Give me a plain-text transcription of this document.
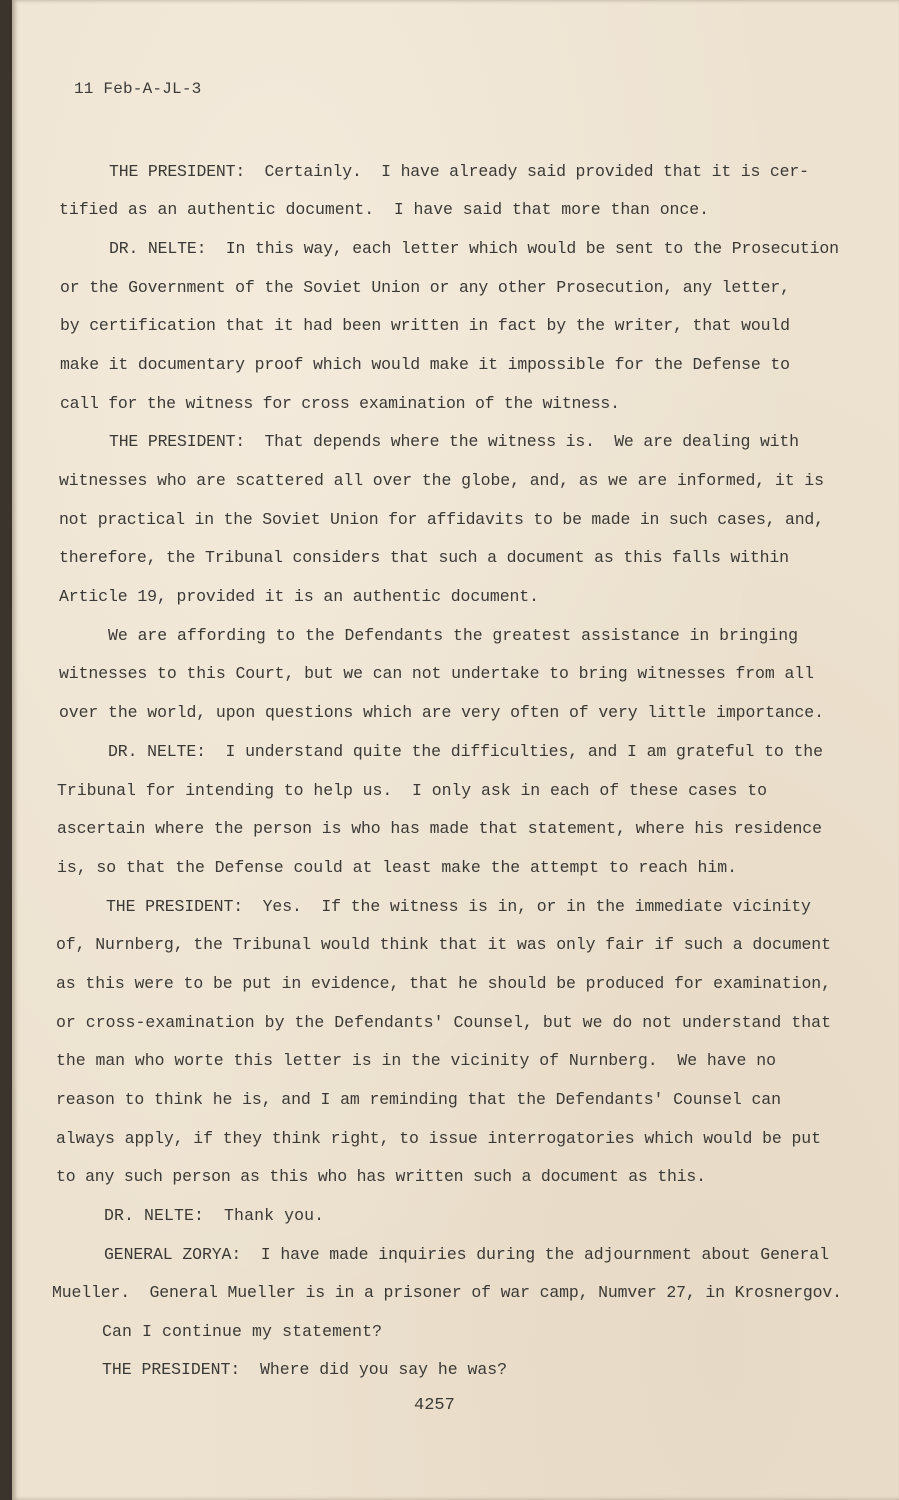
11 Feb-A-JL-3
THE PRESIDENT:  Certainly.  I have already said provided that it is cer-
tified as an authentic document.  I have said that more than once.
DR. NELTE:  In this way, each letter which would be sent to the Prosecution
or the Government of the Soviet Union or any other Prosecution, any letter,
by certification that it had been written in fact by the writer, that would
make it documentary proof which would make it impossible for the Defense to
call for the witness for cross examination of the witness.
THE PRESIDENT:  That depends where the witness is.  We are dealing with
witnesses who are scattered all over the globe, and, as we are informed, it is
not practical in the Soviet Union for affidavits to be made in such cases, and,
therefore, the Tribunal considers that such a document as this falls within
Article 19, provided it is an authentic document.
We are affording to the Defendants the greatest assistance in bringing
witnesses to this Court, but we can not undertake to bring witnesses from all
over the world, upon questions which are very often of very little importance.
DR. NELTE:  I understand quite the difficulties, and I am grateful to the
Tribunal for intending to help us.  I only ask in each of these cases to
ascertain where the person is who has made that statement, where his residence
is, so that the Defense could at least make the attempt to reach him.
THE PRESIDENT:  Yes.  If the witness is in, or in the immediate vicinity
of, Nurnberg, the Tribunal would think that it was only fair if such a document
as this were to be put in evidence, that he should be produced for examination,
or cross-examination by the Defendants' Counsel, but we do not understand that
the man who worte this letter is in the vicinity of Nurnberg.  We have no
reason to think he is, and I am reminding that the Defendants' Counsel can
always apply, if they think right, to issue interrogatories which would be put
to any such person as this who has written such a document as this.
DR. NELTE:  Thank you.
GENERAL ZORYA:  I have made inquiries during the adjournment about General
Mueller.  General Mueller is in a prisoner of war camp, Numver 27, in Krosnergov.
Can I continue my statement?
THE PRESIDENT:  Where did you say he was?
4257
